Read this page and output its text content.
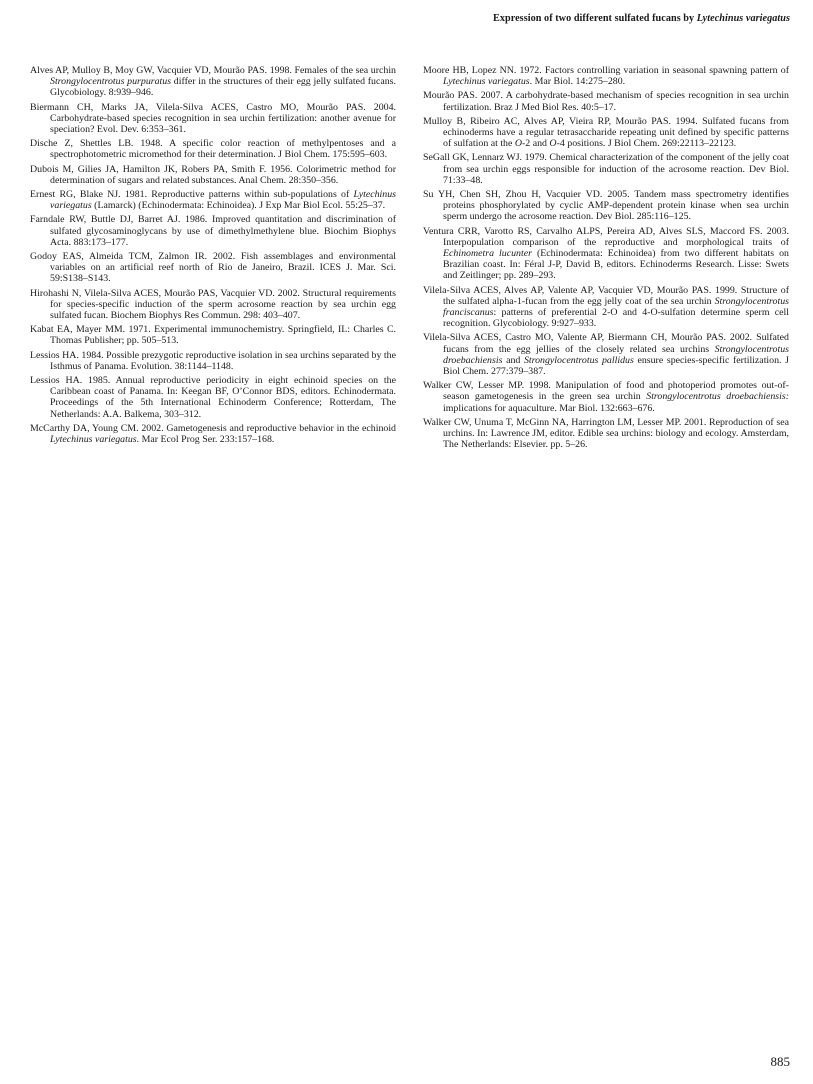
Expression of two different sulfated fucans by Lytechinus variegatus

Alves AP, Mulloy B, Moy GW, Vacquier VD, Mourão PAS. 1998. Females of the sea urchin Strongylocentrotus purpuratus differ in the structures of their egg jelly sulfated fucans. Glycobiology. 8:939–946.

Biermann CH, Marks JA, Vilela-Silva ACES, Castro MO, Mourão PAS. 2004. Carbohydrate-based species recognition in sea urchin fertilization: another avenue for speciation? Evol. Dev. 6:353–361.

Dische Z, Shettles LB. 1948. A specific color reaction of methylpentoses and a spectrophotometric micromethod for their determination. J Biol Chem. 175:595–603.

Dubois M, Gilies JA, Hamilton JK, Robers PA, Smith F. 1956. Colorimetric method for determination of sugars and related substances. Anal Chem. 28:350–356.

Ernest RG, Blake NJ. 1981. Reproductive patterns within sub-populations of Lytechinus variegatus (Lamarck) (Echinodermata: Echinoidea). J Exp Mar Biol Ecol. 55:25–37.

Farndale RW, Buttle DJ, Barret AJ. 1986. Improved quantitation and discrimination of sulfated glycosaminoglycans by use of dimethylmethylene blue. Biochim Biophys Acta. 883:173–177.

Godoy EAS, Almeida TCM, Zalmon IR. 2002. Fish assemblages and environmental variables on an artificial reef north of Rio de Janeiro, Brazil. ICES J. Mar. Sci. 59:S138–S143.

Hirohashi N, Vilela-Silva ACES, Mourão PAS, Vacquier VD. 2002. Structural requirements for species-specific induction of the sperm acrosome reaction by sea urchin egg sulfated fucan. Biochem Biophys Res Commun. 298: 403–407.

Kabat EA, Mayer MM. 1971. Experimental immunochemistry. Springfield, IL: Charles C. Thomas Publisher; pp. 505–513.

Lessios HA. 1984. Possible prezygotic reproductive isolation in sea urchins separated by the Isthmus of Panama. Evolution. 38:1144–1148.

Lessios HA. 1985. Annual reproductive periodicity in eight echinoid species on the Caribbean coast of Panama. In: Keegan BF, O’Connor BDS, editors. Echinodermata. Proceedings of the 5th International Echinoderm Conference; Rotterdam, The Netherlands: A.A. Balkema, 303–312.

McCarthy DA, Young CM. 2002. Gametogenesis and reproductive behavior in the echinoid Lytechinus variegatus. Mar Ecol Prog Ser. 233:157–168.

Moore HB, Lopez NN. 1972. Factors controlling variation in seasonal spawning pattern of Lytechinus variegatus. Mar Biol. 14:275–280.

Mourão PAS. 2007. A carbohydrate-based mechanism of species recognition in sea urchin fertilization. Braz J Med Biol Res. 40:5–17.

Mulloy B, Ribeiro AC, Alves AP, Vieira RP, Mourão PAS. 1994. Sulfated fucans from echinoderms have a regular tetrasaccharide repeating unit defined by specific patterns of sulfation at the O-2 and O-4 positions. J Biol Chem. 269:22113–22123.

SeGall GK, Lennarz WJ. 1979. Chemical characterization of the component of the jelly coat from sea urchin eggs responsible for induction of the acrosome reaction. Dev Biol. 71:33–48.

Su YH, Chen SH, Zhou H, Vacquier VD. 2005. Tandem mass spectrometry identifies proteins phosphorylated by cyclic AMP-dependent protein kinase when sea urchin sperm undergo the acrosome reaction. Dev Biol. 285:116–125.

Ventura CRR, Varotto RS, Carvalho ALPS, Pereira AD, Alves SLS, Maccord FS. 2003. Interpopulation comparison of the reproductive and morphological traits of Echinometra lucunter (Echinodermata: Echinoidea) from two different habitats on Brazilian coast. In: Féral J-P, David B, editors. Echinoderms Research. Lisse: Swets and Zeitlinger; pp. 289–293.

Vilela-Silva ACES, Alves AP, Valente AP, Vacquier VD, Mourão PAS. 1999. Structure of the sulfated alpha-1-fucan from the egg jelly coat of the sea urchin Strongylocentrotus franciscanus: patterns of preferential 2-O and 4-O-sulfation determine sperm cell recognition. Glycobiology. 9:927–933.

Vilela-Silva ACES, Castro MO, Valente AP, Biermann CH, Mourão PAS. 2002. Sulfated fucans from the egg jellies of the closely related sea urchins Strongylocentrotus droebachiensis and Strongylocentrotus pallidus ensure species-specific fertilization. J Biol Chem. 277:379–387.

Walker CW, Lesser MP. 1998. Manipulation of food and photoperiod promotes out-of-season gametogenesis in the green sea urchin Strongylocentrotus droebachiensis: implications for aquaculture. Mar Biol. 132:663–676.

Walker CW, Unuma T, McGinn NA, Harrington LM, Lesser MP. 2001. Reproduction of sea urchins. In: Lawrence JM, editor. Edible sea urchins: biology and ecology. Amsterdam, The Netherlands: Elsevier. pp. 5–26.

885
